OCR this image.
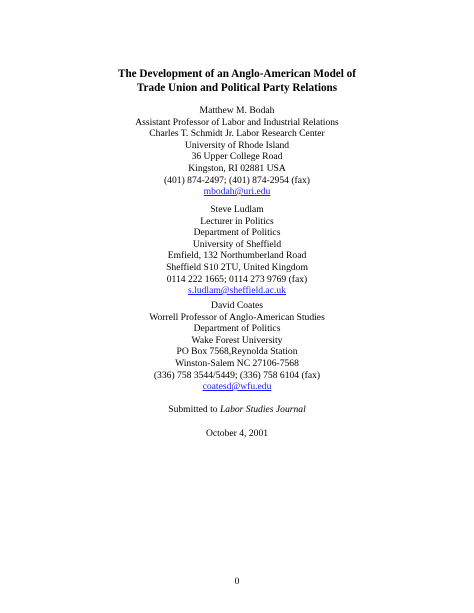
The Development of an Anglo-American Model of
Trade Union and Political Party Relations
Matthew M. Bodah
Assistant Professor of Labor and Industrial Relations
Charles T. Schmidt Jr. Labor Research Center
University of Rhode Island
36 Upper College Road
Kingston, RI 02881 USA
(401) 874-2497; (401) 874-2954 (fax)
mbodah@uri.edu
Steve Ludlam
Lecturer in Politics
Department of Politics
University of Sheffield
Emfield, 132 Northumberland Road
Sheffield S10 2TU, United Kingdom
0114 222 1665; 0114 273 9769 (fax)
s.ludlam@sheffield.ac.uk
David Coates
Worrell Professor of Anglo-American Studies
Department of Politics
Wake Forest University
PO Box 7568,Reynolda Station
Winston-Salem NC 27106-7568
(336) 758 3544/5449; (336) 758 6104 (fax)
coatesd@wfu.edu
Submitted to Labor Studies Journal
October 4, 2001
0
